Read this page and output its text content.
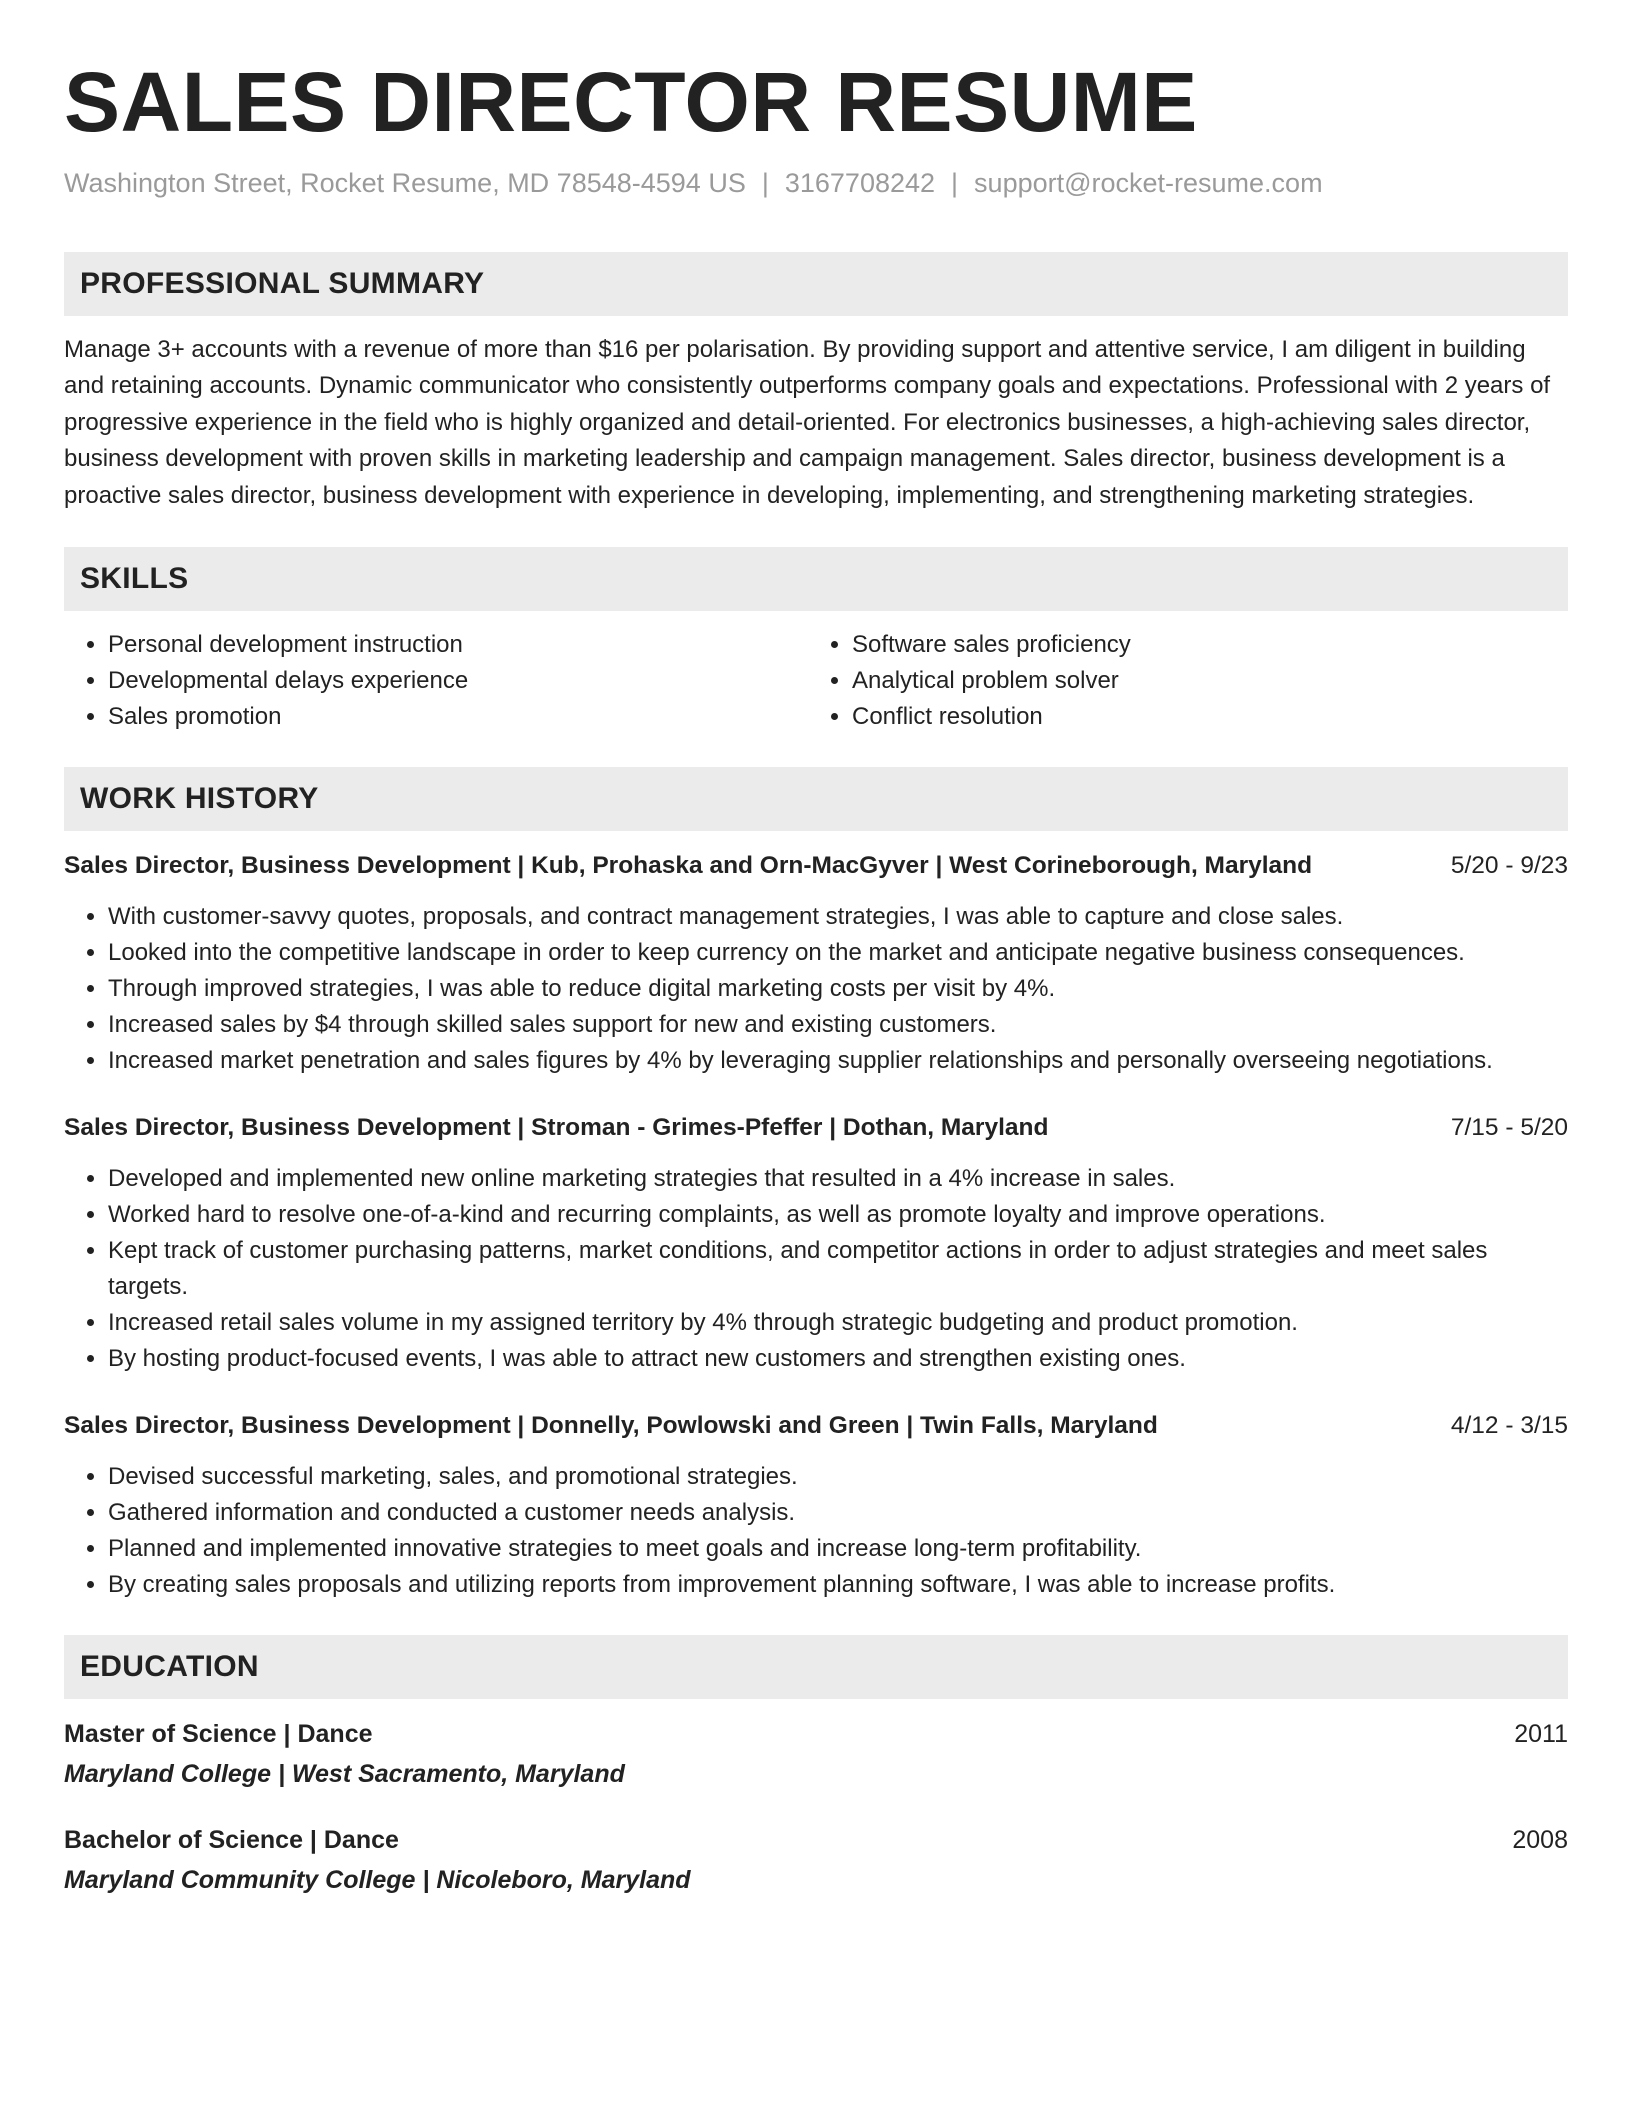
SALES DIRECTOR RESUME
Washington Street, Rocket Resume, MD 78548-4594 US | 3167708242 | support@rocket-resume.com
PROFESSIONAL SUMMARY
Manage 3+ accounts with a revenue of more than $16 per polarisation. By providing support and attentive service, I am diligent in building and retaining accounts. Dynamic communicator who consistently outperforms company goals and expectations. Professional with 2 years of progressive experience in the field who is highly organized and detail-oriented. For electronics businesses, a high-achieving sales director, business development with proven skills in marketing leadership and campaign management. Sales director, business development is a proactive sales director, business development with experience in developing, implementing, and strengthening marketing strategies.
SKILLS
• Personal development instruction
• Developmental delays experience
• Sales promotion
• Software sales proficiency
• Analytical problem solver
• Conflict resolution
WORK HISTORY
Sales Director, Business Development | Kub, Prohaska and Orn-MacGyver | West Corineborough, Maryland	5/20 - 9/23
• With customer-savvy quotes, proposals, and contract management strategies, I was able to capture and close sales.
• Looked into the competitive landscape in order to keep currency on the market and anticipate negative business consequences.
• Through improved strategies, I was able to reduce digital marketing costs per visit by 4%.
• Increased sales by $4 through skilled sales support for new and existing customers.
• Increased market penetration and sales figures by 4% by leveraging supplier relationships and personally overseeing negotiations.
Sales Director, Business Development | Stroman - Grimes-Pfeffer | Dothan, Maryland	7/15 - 5/20
• Developed and implemented new online marketing strategies that resulted in a 4% increase in sales.
• Worked hard to resolve one-of-a-kind and recurring complaints, as well as promote loyalty and improve operations.
• Kept track of customer purchasing patterns, market conditions, and competitor actions in order to adjust strategies and meet sales targets.
• Increased retail sales volume in my assigned territory by 4% through strategic budgeting and product promotion.
• By hosting product-focused events, I was able to attract new customers and strengthen existing ones.
Sales Director, Business Development | Donnelly, Powlowski and Green | Twin Falls, Maryland	4/12 - 3/15
• Devised successful marketing, sales, and promotional strategies.
• Gathered information and conducted a customer needs analysis.
• Planned and implemented innovative strategies to meet goals and increase long-term profitability.
• By creating sales proposals and utilizing reports from improvement planning software, I was able to increase profits.
EDUCATION
Master of Science | Dance	2011
Maryland College | West Sacramento, Maryland
Bachelor of Science | Dance	2008
Maryland Community College | Nicoleboro, Maryland
